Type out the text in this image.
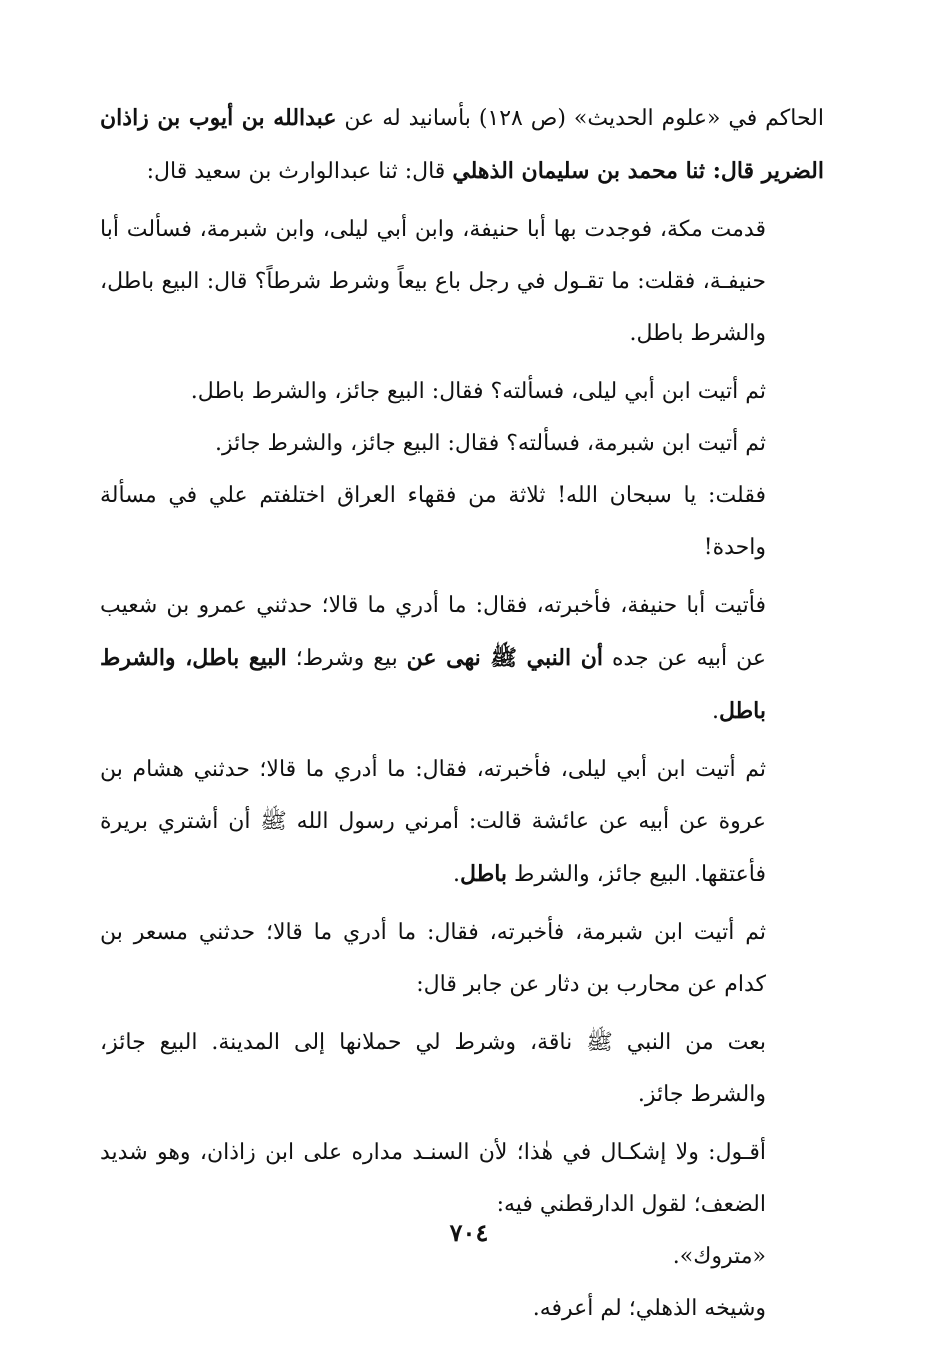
الحاكم في «علوم الحديث» (ص ١٢٨) بأسانيد له عن عبدالله بن أيوب بن زاذان الضرير قال: ثنا محمد بن سليمان الذهلي قال: ثنا عبدالوارث بن سعيد قال:

قدمت مكة، فوجدت بها أبا حنيفة، وابن أبي ليلى، وابن شبرمة، فسألت أبا حنيفـة، فقلت: ما تقـول في رجل باع بيعاً وشرط شرطاً؟ قال: البيع باطل، والشرط باطل.

ثم أتيت ابن أبي ليلى، فسألته؟ فقال: البيع جائز، والشرط باطل.

ثم أتيت ابن شبرمة، فسألته؟ فقال: البيع جائز، والشرط جائز.

فقلت: يا سبحان الله! ثلاثة من فقهاء العراق اختلفتم علي في مسألة واحدة!

فأتيت أبا حنيفة، فأخبرته، فقال: ما أدري ما قالا؛ حدثني عمرو بن شعيب عن أبيه عن جده أن النبي ﷺ نهى عن بيع وشرط؛ البيع باطل، والشرط باطل.

ثم أتيت ابن أبي ليلى، فأخبرته، فقال: ما أدري ما قالا؛ حدثني هشام بن عروة عن أبيه عن عائشة قالت: أمرني رسول الله ﷺ أن أشتري بريرة فأعتقها. البيع جائز، والشرط باطل.

ثم أتيت ابن شبرمة، فأخبرته، فقال: ما أدري ما قالا؛ حدثني مسعر بن كدام عن محارب بن دثار عن جابر قال:

بعت من النبي ﷺ ناقة، وشرط لي حملانها إلى المدينة. البيع جائز، والشرط جائز.

أقـول: ولا إشكـال في هٰذا؛ لأن السنـد مداره على ابن زاذان، وهو شديد الضعف؛ لقول الدارقطني فيه:

«متروك».

وشيخه الذهلي؛ لم أعرفه.

٧٠٤
